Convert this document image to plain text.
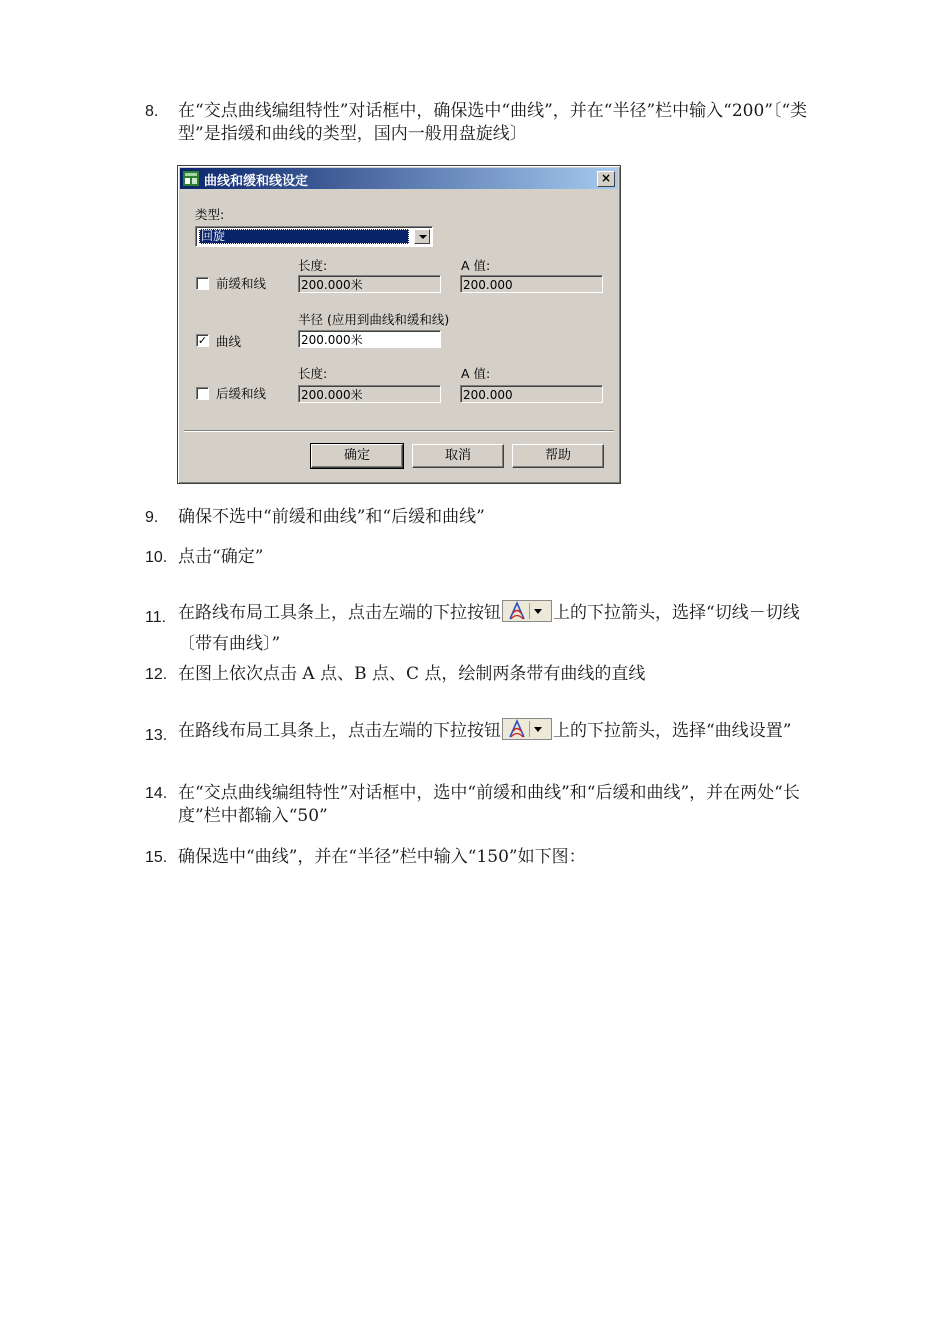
8. 在“交点曲线编组特性”对话框中，确保选中“曲线”，并在“半径”栏中输入“200”〔“类型”是指缓和曲线的类型，国内一般用盘旋线〕
曲线和缓和线设定	×
类型:
回旋
长度:	A 值:
前缓和线	200.000米	200.000
半径 (应用到曲线和缓和线)
✓ 曲线	200.000米
长度:	A 值:
后缓和线	200.000米	200.000
确定	取消	帮助
9. 确保不选中“前缓和曲线”和“后缓和曲线”
10. 点击“确定”
11. 在路线布局工具条上，点击左端的下拉按钮	上的下拉箭头，选择“切线－切线〔带有曲线〕”
12. 在图上依次点击 A 点、B 点、C 点，绘制两条带有曲线的直线
13. 在路线布局工具条上，点击左端的下拉按钮	上的下拉箭头，选择“曲线设置”
14. 在“交点曲线编组特性”对话框中，选中“前缓和曲线”和“后缓和曲线”，并在两处“长度”栏中都输入“50”
15. 确保选中“曲线”，并在“半径”栏中输入“150”如下图：
